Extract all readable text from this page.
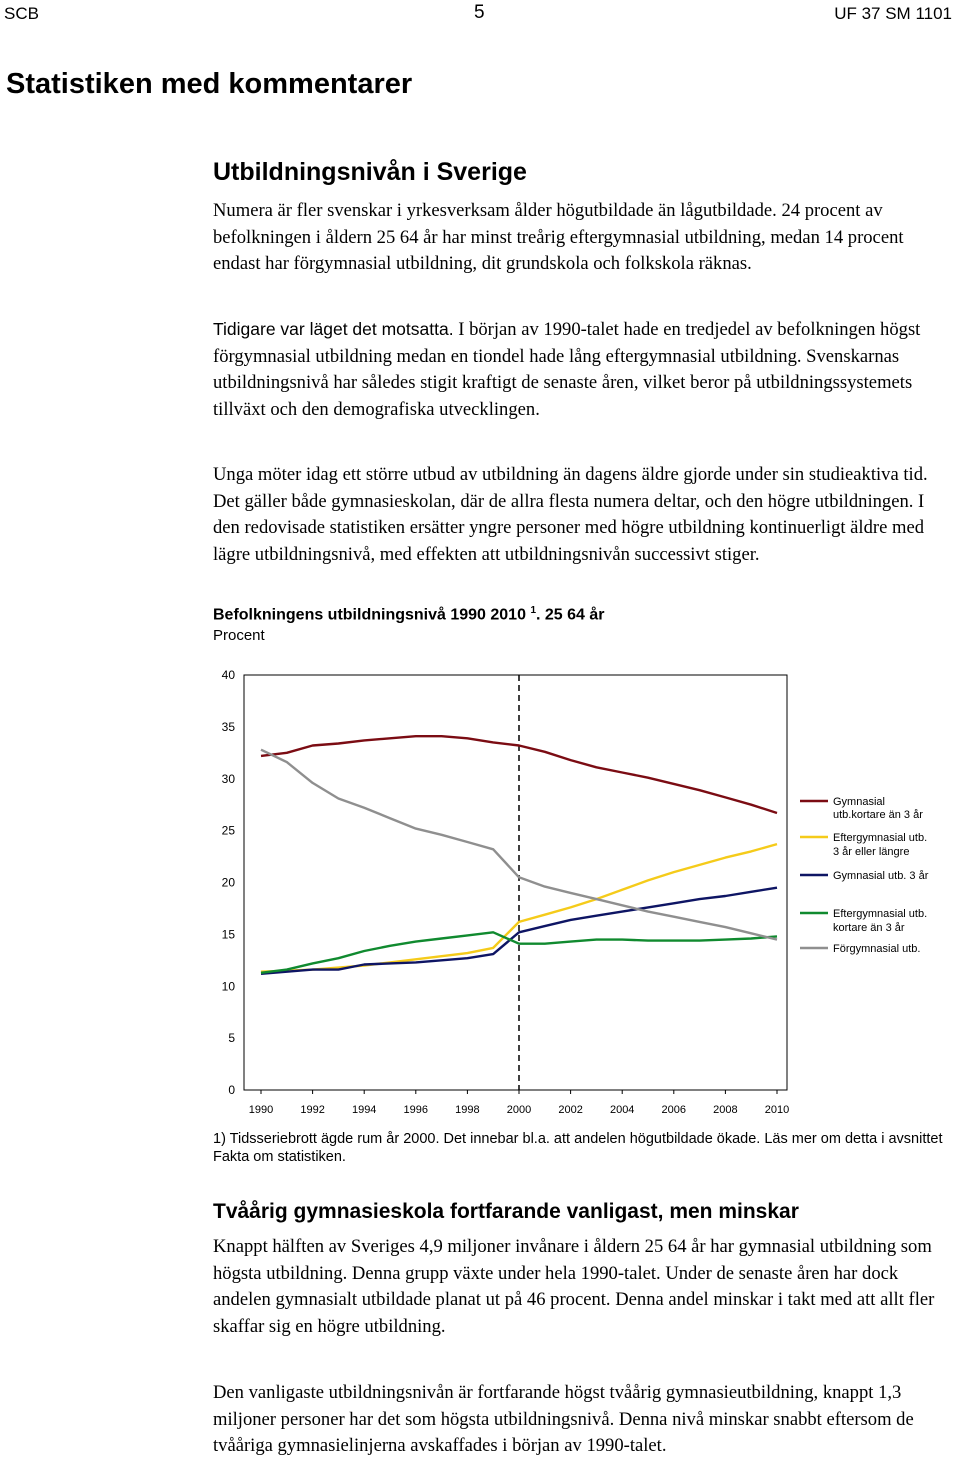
SCB	5	UF 37 SM 1101
Statistiken med kommentarer
Utbildningsnivån i Sverige

Numera är fler svenskar i yrkesverksam ålder högutbildade än lågutbildade. 24 procent av befolkningen i åldern 25 64 år har minst treårig eftergymnasial utbildning, medan 14 procent endast har förgymnasial utbildning, dit grundskola och folkskola räknas.

Tidigare var läget det motsatta. I början av 1990-talet hade en tredjedel av befolkningen högst förgymnasial utbildning medan en tiondel hade lång eftergymnasial utbildning. Svenskarnas utbildningsnivå har således stigit kraftigt de senaste åren, vilket beror på utbildningssystemets tillväxt och den demografiska utvecklingen.

Unga möter idag ett större utbud av utbildning än dagens äldre gjorde under sin studieaktiva tid. Det gäller både gymnasieskolan, där de allra flesta numera deltar, och den högre utbildningen. I den redovisade statistiken ersätter yngre personer med högre utbildning kontinuerligt äldre med lägre utbildningsnivå, med effekten att utbildningsnivån successivt stiger.

Befolkningens utbildningsnivå 1990 2010 $^1$. 25 64 år

Procent

0
5
10
15
20
25
30
35
40
1990 1992 1994 1996 1998 2000 2002 2004 2006 2008 2010
Gymnasial
utb.kortare än 3 år
Eftergymnasial utb.
3 år eller längre
Gymnasial utb. 3 år
Eftergymnasial utb.
kortare än 3 år
Förgymnasial utb.

1) Tidsseriebrott ägde rum år 2000. Det innebar bl.a. att andelen högutbildade ökade. Läs mer om detta i avsnittet Fakta om statistiken.

Tvåårig gymnasieskola fortfarande vanligast, men minskar

Knappt hälften av Sveriges 4,9 miljoner invånare i åldern 25 64 år har gymnasial utbildning som högsta utbildning. Denna grupp växte under hela 1990-talet. Under de senaste åren har dock andelen gymnasialt utbildade planat ut på 46 procent. Denna andel minskar i takt med att allt fler skaffar sig en högre utbildning.

Den vanligaste utbildningsnivån är fortfarande högst tvåårig gymnasieutbildning, knappt 1,3 miljoner personer har det som högsta utbildningsnivå. Denna nivå minskar snabbt eftersom de tvååriga gymnasielinjerna avskaffades i början av 1990-talet.
